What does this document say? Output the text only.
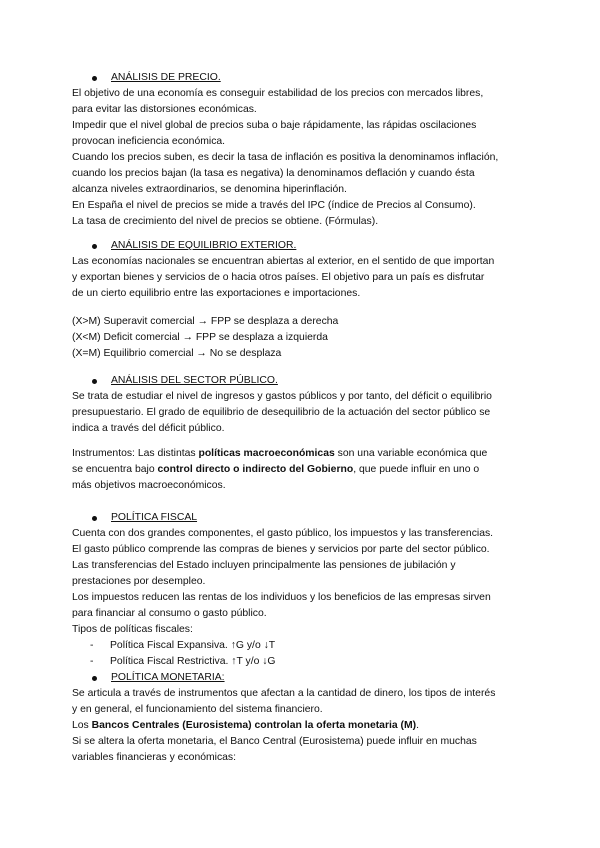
ANÁLISIS DE PRECIO.
El objetivo de una economía es conseguir estabilidad de los precios con mercados libres,
para evitar las distorsiones económicas.
Impedir que el nivel global de precios suba o baje rápidamente, las rápidas oscilaciones
provocan ineficiencia económica.
Cuando los precios suben, es decir la tasa de inflación es positiva la denominamos inflación,
cuando los precios bajan (la tasa es negativa) la denominamos deflación y cuando ésta
alcanza niveles extraordinarios, se denomina hiperinflación.
En España el nivel de precios se mide a través del IPC (índice de Precios al Consumo).
La tasa de crecimiento del nivel de precios se obtiene. (Fórmulas).
ANÁLISIS DE EQUILIBRIO EXTERIOR.
Las economías nacionales se encuentran abiertas al exterior, en el sentido de que importan
y exportan bienes y servicios de o hacia otros países. El objetivo para un país es disfrutar
de un cierto equilibrio entre las exportaciones e importaciones.
(X>M) Superavit comercial → FPP se desplaza a derecha
(X<M) Deficit comercial → FPP se desplaza a izquierda
(X=M) Equilibrio comercial → No se desplaza
ANÁLISIS DEL SECTOR PÚBLICO.
Se trata de estudiar el nivel de ingresos y gastos públicos y por tanto, del déficit o equilibrio
presupuestario. El grado de equilibrio de desequilibrio de la actuación del sector público se
indica a través del déficit público.
Instrumentos: Las distintas políticas macroeconómicas son una variable económica que
se encuentra bajo control directo o indirecto del Gobierno, que puede influir en uno o
más objetivos macroeconómicos.
POLÍTICA FISCAL
Cuenta con dos grandes componentes, el gasto público, los impuestos y las transferencias.
El gasto público comprende las compras de bienes y servicios por parte del sector público.
Las transferencias del Estado incluyen principalmente las pensiones de jubilación y
prestaciones por desempleo.
Los impuestos reducen las rentas de los individuos y los beneficios de las empresas sirven
para financiar al consumo o gasto público.
Tipos de políticas fiscales:
-	Política Fiscal Expansiva. ↑G y/o ↓T
-	Política Fiscal Restrictiva. ↑T y/o ↓G
POLÍTICA MONETARIA:
Se articula a través de instrumentos que afectan a la cantidad de dinero, los tipos de interés
y en general, el funcionamiento del sistema financiero.
Los Bancos Centrales (Eurosistema) controlan la oferta monetaria (M).
Si se altera la oferta monetaria, el Banco Central (Eurosistema) puede influir en muchas
variables financieras y económicas:
